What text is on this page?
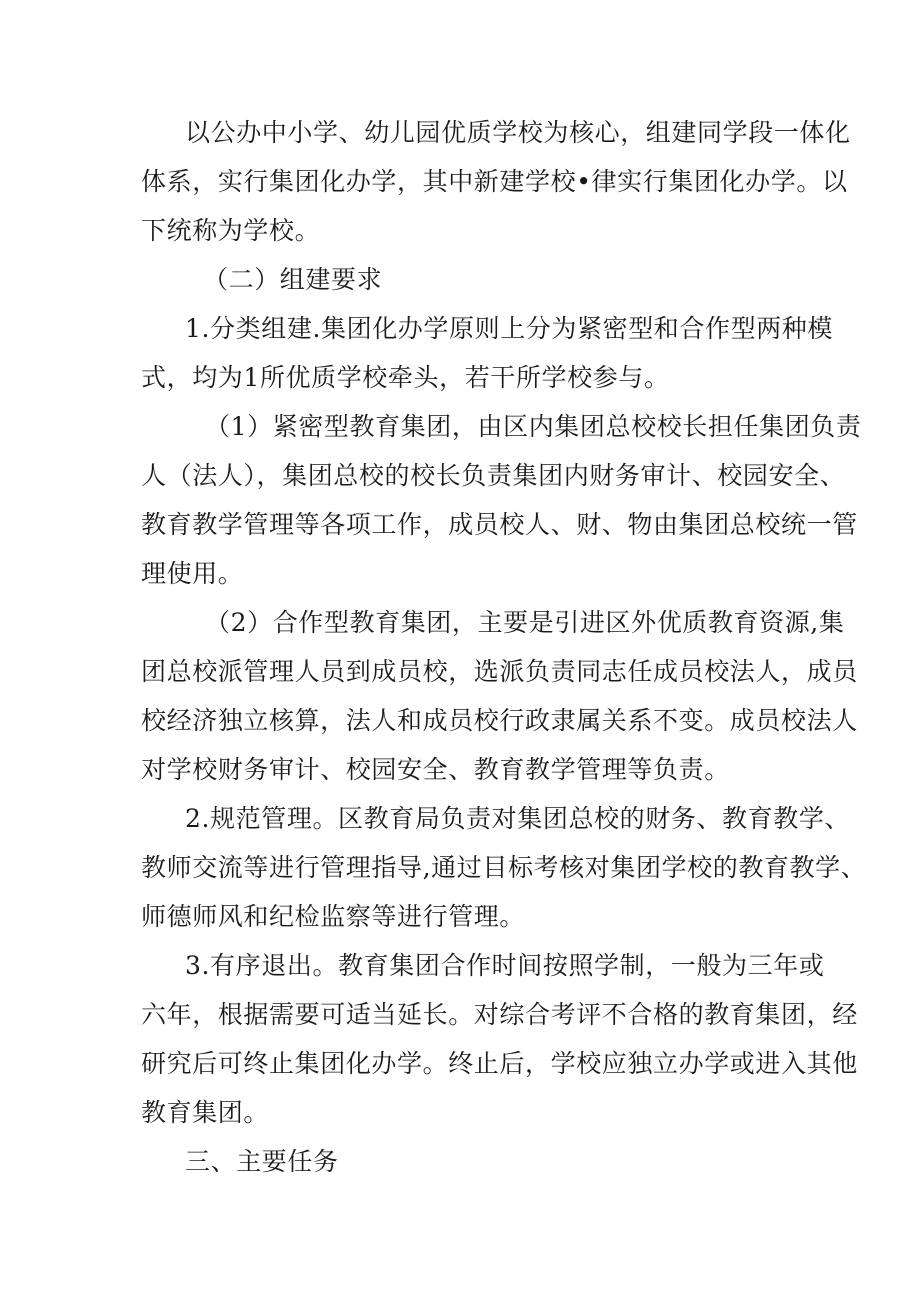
以公办中小学、幼儿园优质学校为核心，组建同学段一体化
体系，实行集团化办学，其中新建学校•律实行集团化办学。以
下统称为学校。
（二）组建要求
1.分类组建.集团化办学原则上分为紧密型和合作型两种模
式，均为1所优质学校牵头，若干所学校参与。
（1）紧密型教育集团，由区内集团总校校长担任集团负责
人（法人），集团总校的校长负责集团内财务审计、校园安全、
教育教学管理等各项工作，成员校人、财、物由集团总校统一管
理使用。
（2）合作型教育集团，主要是引进区外优质教育资源,集
团总校派管理人员到成员校，选派负责同志任成员校法人，成员
校经济独立核算，法人和成员校行政隶属关系不变。成员校法人
对学校财务审计、校园安全、教育教学管理等负责。
2.规范管理。区教育局负责对集团总校的财务、教育教学、
教师交流等进行管理指导,通过目标考核对集团学校的教育教学、
师德师风和纪检监察等进行管理。
3.有序退出。教育集团合作时间按照学制，一般为三年或
六年，根据需要可适当延长。对综合考评不合格的教育集团，经
研究后可终止集团化办学。终止后，学校应独立办学或进入其他
教育集团。
三、主要任务
